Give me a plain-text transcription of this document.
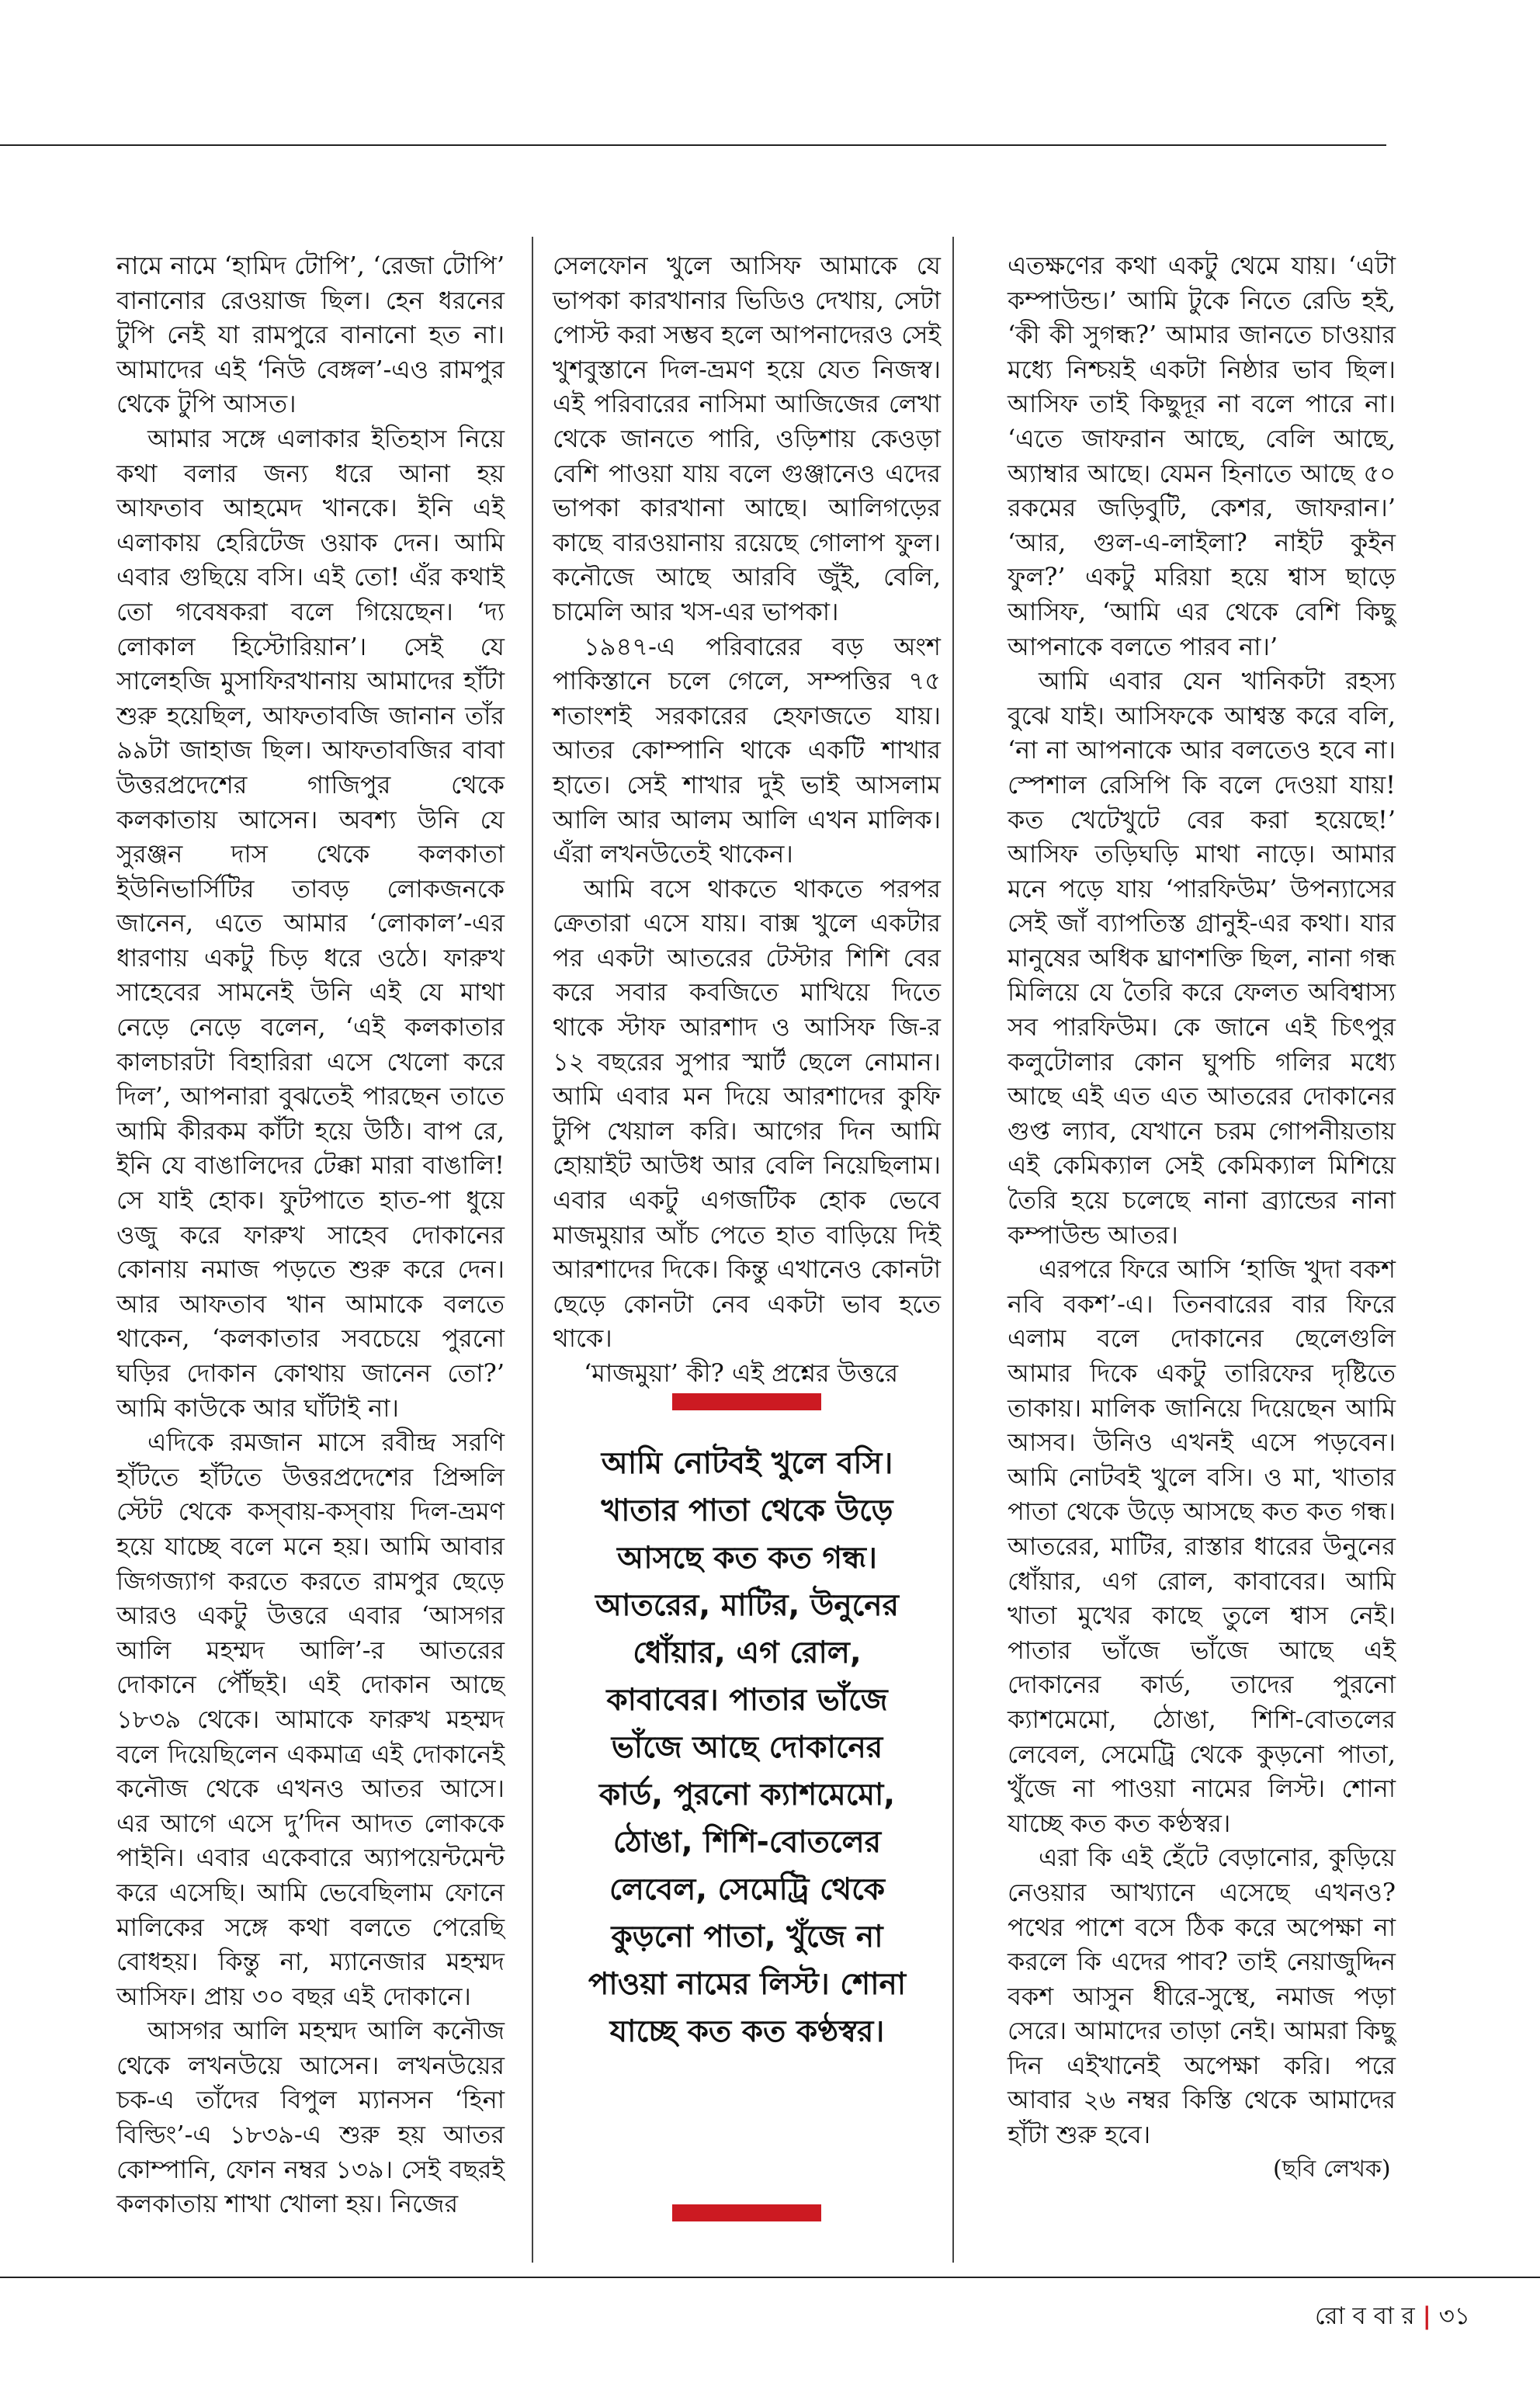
নামে নামে ‘হামিদ টোপি’, ‘রেজা টোপি’ বানানোর রেওয়াজ ছিল। হেন ধরনের টুপি নেই যা রামপুরে বানানো হত না। আমাদের এই ‘নিউ বেঙ্গল’-এও রামপুর থেকে টুপি আসত।

আমার সঙ্গে এলাকার ইতিহাস নিয়ে কথা বলার জন্য ধরে আনা হয় আফতাব আহমেদ খানকে। ইনি এই এলাকায় হেরিটেজ ওয়াক দেন। আমি এবার গুছিয়ে বসি। এই তো! এঁর কথাই তো গবেষকরা বলে গিয়েছেন। ‘দ্য লোকাল হিস্টোরিয়ান’। সেই যে সালেহজি মুসাফিরখানায় আমাদের হাঁটা শুরু হয়েছিল, আফতাবজি জানান তাঁর ৯৯টা জাহাজ ছিল। আফতাবজির বাবা উত্তরপ্রদেশের গাজিপুর থেকে কলকাতায় আসেন। অবশ্য উনি যে সুরঞ্জন দাস থেকে কলকাতা ইউনিভার্সিটির তাবড় লোকজনকে জানেন, এতে আমার ‘লোকাল’-এর ধারণায় একটু চিড় ধরে ওঠে। ফারুখ সাহেবের সামনেই উনি এই যে মাথা নেড়ে নেড়ে বলেন, ‘এই কলকাতার কালচারটা বিহারিরা এসে খেলো করে দিল’, আপনারা বুঝতেই পারছেন তাতে আমি কীরকম কাঁটা হয়ে উঠি। বাপ রে, ইনি যে বাঙালিদের টেক্কা মারা বাঙালি! সে যাই হোক। ফুটপাতে হাত-পা ধুয়ে ওজু করে ফারুখ সাহেব দোকানের কোনায় নমাজ পড়তে শুরু করে দেন। আর আফতাব খান আমাকে বলতে থাকেন, ‘কলকাতার সবচেয়ে পুরনো ঘড়ির দোকান কোথায় জানেন তো?’ আমি কাউকে আর ঘাঁটাই না।

এদিকে রমজান মাসে রবীন্দ্র সরণি হাঁটতে হাঁটতে উত্তরপ্রদেশের প্রিন্সলি স্টেট থেকে কস্‌বায়-কস্‌বায় দিল-ভ্রমণ হয়ে যাচ্ছে বলে মনে হয়। আমি আবার জিগজ্যাগ করতে করতে রামপুর ছেড়ে আরও একটু উত্তরে এবার ‘আসগর আলি মহম্মদ আলি’-র আতরের দোকানে পৌঁছই। এই দোকান আছে ১৮৩৯ থেকে। আমাকে ফারুখ মহম্মদ বলে দিয়েছিলেন একমাত্র এই দোকানেই কনৌজ থেকে এখনও আতর আসে। এর আগে এসে দু’দিন আদত লোককে পাইনি। এবার একেবারে অ্যাপয়েন্টমেন্ট করে এসেছি। আমি ভেবেছিলাম ফোনে মালিকের সঙ্গে কথা বলতে পেরেছি বোধহয়। কিন্তু না, ম্যানেজার মহম্মদ আসিফ। প্রায় ৩০ বছর এই দোকানে।

আসগর আলি মহম্মদ আলি কনৌজ থেকে লখনউয়ে আসেন। লখনউয়ের চক-এ তাঁদের বিপুল ম্যানসন ‘হিনা বিল্ডিং’-এ ১৮৩৯-এ শুরু হয় আতর কোম্পানি, ফোন নম্বর ১৩৯। সেই বছরই কলকাতায় শাখা খোলা হয়। নিজের

সেলফোন খুলে আসিফ আমাকে যে ভাপকা কারখানার ভিডিও দেখায়, সেটা পোস্ট করা সম্ভব হলে আপনাদেরও সেই খুশবুস্তানে দিল-ভ্রমণ হয়ে যেত নিজস্ব। এই পরিবারের নাসিমা আজিজের লেখা থেকে জানতে পারি, ওড়িশায় কেওড়া বেশি পাওয়া যায় বলে গুঞ্জানেও এদের ভাপকা কারখানা আছে। আলিগড়ের কাছে বারওয়ানায় রয়েছে গোলাপ ফুল। কনৌজে আছে আরবি জুঁই, বেলি, চামেলি আর খস-এর ভাপকা।

১৯৪৭-এ পরিবারের বড় অংশ পাকিস্তানে চলে গেলে, সম্পত্তির ৭৫ শতাংশই সরকারের হেফাজতে যায়। আতর কোম্পানি থাকে একটি শাখার হাতে। সেই শাখার দুই ভাই আসলাম আলি আর আলম আলি এখন মালিক। এঁরা লখনউতেই থাকেন।

আমি বসে থাকতে থাকতে পরপর ক্রেতারা এসে যায়। বাক্স খুলে একটার পর একটা আতরের টেস্টার শিশি বের করে সবার কবজিতে মাখিয়ে দিতে থাকে স্টাফ আরশাদ ও আসিফ জি-র ১২ বছরের সুপার স্মার্ট ছেলে নোমান। আমি এবার মন দিয়ে আরশাদের কুফি টুপি খেয়াল করি। আগের দিন আমি হোয়াইট আউধ আর বেলি নিয়েছিলাম। এবার একটু এগজটিক হোক ভেবে মাজমুয়ার আঁচ পেতে হাত বাড়িয়ে দিই আরশাদের দিকে। কিন্তু এখানেও কোনটা ছেড়ে কোনটা নেব একটা ভাব হতে থাকে।

‘মাজমুয়া’ কী? এই প্রশ্নের উত্তরে

আমি নোটবই খুলে বসি। খাতার পাতা থেকে উড়ে আসছে কত কত গন্ধ। আতরের, মাটির, উনুনের ধোঁয়ার, এগ রোল, কাবাবের। পাতার ভাঁজে ভাঁজে আছে দোকানের কার্ড, পুরনো ক্যাশমেমো, ঠোঙা, শিশি-বোতলের লেবেল, সেমেট্রি থেকে কুড়নো পাতা, খুঁজে না পাওয়া নামের লিস্ট। শোনা যাচ্ছে কত কত কণ্ঠস্বর।

এতক্ষণের কথা একটু থেমে যায়। ‘এটা কম্পাউন্ড।’ আমি টুকে নিতে রেডি হই, ‘কী কী সুগন্ধ?’ আমার জানতে চাওয়ার মধ্যে নিশ্চয়ই একটা নিষ্ঠার ভাব ছিল। আসিফ তাই কিছুদূর না বলে পারে না। ‘এতে জাফরান আছে, বেলি আছে, অ্যাম্বার আছে। যেমন হিনাতে আছে ৫০ রকমের জড়িবুটি, কেশর, জাফরান।’ ‘আর, গুল-এ-লাইলা? নাইট কুইন ফুল?’ একটু মরিয়া হয়ে শ্বাস ছাড়ে আসিফ, ‘আমি এর থেকে বেশি কিছু আপনাকে বলতে পারব না।’

আমি এবার যেন খানিকটা রহস্য বুঝে যাই। আসিফকে আশ্বস্ত করে বলি, ‘না না আপনাকে আর বলতেও হবে না। স্পেশাল রেসিপি কি বলে দেওয়া যায়! কত খেটেখুটে বের করা হয়েছে!’ আসিফ তড়িঘড়ি মাথা নাড়ে। আমার মনে পড়ে যায় ‘পারফিউম’ উপন্যাসের সেই জাঁ ব্যাপতিস্ত গ্রানুই-এর কথা। যার মানুষের অধিক ঘ্রাণশক্তি ছিল, নানা গন্ধ মিলিয়ে যে তৈরি করে ফেলত অবিশ্বাস্য সব পারফিউম। কে জানে এই চিৎপুর কলুটোলার কোন ঘুপচি গলির মধ্যে আছে এই এত এত আতরের দোকানের গুপ্ত ল্যাব, যেখানে চরম গোপনীয়তায় এই কেমিক্যাল সেই কেমিক্যাল মিশিয়ে তৈরি হয়ে চলেছে নানা ব্র্যান্ডের নানা কম্পাউন্ড আতর।

এরপরে ফিরে আসি ‘হাজি খুদা বকশ নবি বকশ’-এ। তিনবারের বার ফিরে এলাম বলে দোকানের ছেলেগুলি আমার দিকে একটু তারিফের দৃষ্টিতে তাকায়। মালিক জানিয়ে দিয়েছেন আমি আসব। উনিও এখনই এসে পড়বেন। আমি নোটবই খুলে বসি। ও মা, খাতার পাতা থেকে উড়ে আসছে কত কত গন্ধ। আতরের, মাটির, রাস্তার ধারের উনুনের ধোঁয়ার, এগ রোল, কাবাবের। আমি খাতা মুখের কাছে তুলে শ্বাস নেই। পাতার ভাঁজে ভাঁজে আছে এই দোকানের কার্ড, তাদের পুরনো ক্যাশমেমো, ঠোঙা, শিশি-বোতলের লেবেল, সেমেট্রি থেকে কুড়নো পাতা, খুঁজে না পাওয়া নামের লিস্ট। শোনা যাচ্ছে কত কত কণ্ঠস্বর।

এরা কি এই হেঁটে বেড়ানোর, কুড়িয়ে নেওয়ার আখ্যানে এসেছে এখনও? পথের পাশে বসে ঠিক করে অপেক্ষা না করলে কি এদের পাব? তাই নেয়াজুদ্দিন বকশ আসুন ধীরে-সুস্থে, নমাজ পড়া সেরে। আমাদের তাড়া নেই। আমরা কিছু দিন এইখানেই অপেক্ষা করি। পরে আবার ২৬ নম্বর কিস্তি থেকে আমাদের হাঁটা শুরু হবে।

(ছবি লেখক)
রো ব বা র | ৩১
